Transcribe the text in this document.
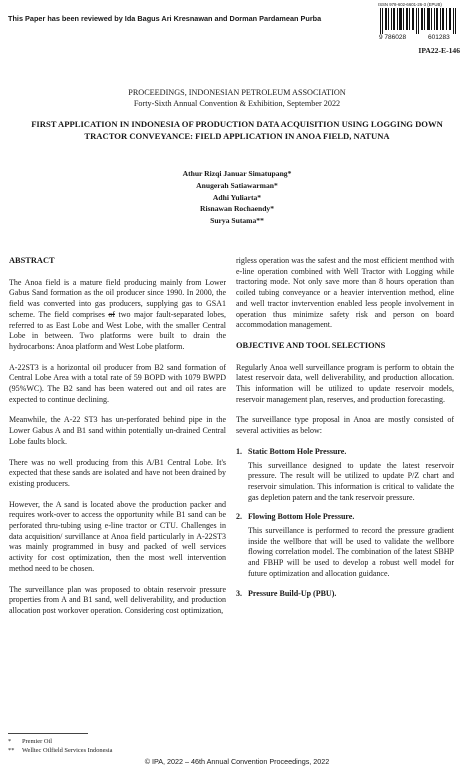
This Paper has been reviewed by Ida Bagus Ari Kresnawan and Dorman Pardamean Purba
ISSN 978-602-6601-26-3 (EPUB)
9 786028	601283
IPA22-E-146
PROCEEDINGS, INDONESIAN PETROLEUM ASSOCIATION
Forty-Sixth Annual Convention & Exhibition, September 2022
FIRST APPLICATION IN INDONESIA OF PRODUCTION DATA ACQUISITION USING LOGGING DOWN TRACTOR CONVEYANCE: FIELD APPLICATION IN ANOA FIELD, NATUNA
Athur Rizqi Januar Simatupang*
Anugerah Satiawarman*
Adhi Yuliarta*
Risnawan Rochaendy*
Surya Sutama**

ABSTRACT

The Anoa field is a mature field producing mainly from Lower Gabus Sand formation as the oil producer since 1990. In 2000, the field was converted into gas producers, supplying gas to GSA1 scheme. The field comprises of two major fault-separated lobes, referred to as East Lobe and West Lobe, with the smaller Central Lobe in between. Two platforms were built to drain the hydrocarbons: Anoa platform and West Lobe platform.

A-22ST3 is a horizontal oil producer from B2 sand formation of Central Lobe Area with a total rate of 59 BOPD with 1079 BWPD (95%WC). The B2 sand has been watered out and oil rates are expected to continue declining.

Meanwhile, the A-22 ST3 has un-perforated behind pipe in the Lower Gabus A and B1 sand within potentially un-drained Central Lobe faults block.

There was no well producing from this A/B1 Central Lobe. It's expected that these sands are isolated and have not been drained by existing producers.

However, the A sand is located above the production packer and requires work-over to access the opportunity while B1 sand can be perforated thru-tubing using e-line tractor or CTU. Challenges in data acquisition/ survillance at Anoa field particularly in A-22ST3 was mainly programmed in busy and packed of well services activity for cost optimization, then the most well intervention method need to be chosen.

The surveillance plan was proposed to obtain reservoir pressure properties from A and B1 sand, well deliverability, and production allocation post workover operation. Considering cost optimization,

rigless operation was the safest and the most efficient menthod with e-line operation combined with Well Tractor with Logging while tractoring mode. Not only save more than 8 hours operation than coiled tubing conveyance or a heavier intervention method, eline and well tractor invtervention enabled less people involvement in operation thus minimize safety risk and person on board accommodation management.

OBJECTIVE AND TOOL SELECTIONS

Regularly Anoa well surveillance program is perform to obtain the latest reservoir data, well deliverability, and production allocation. This information will be utilized to update reservoir models, reservoir management plan, reserves, and production forecasting.

The surveillance type proposal in Anoa are mostly consisted of several activities as below:

1. Static Bottom Hole Pressure.

This surveillance designed to update the latest reservoir pressure. The result will be utilized to update P/Z chart and reservoir simulation. This information is critical to validate the gas depletion patern and the tank reservoir pressure.

2. Flowing Bottom Hole Pressure.

This surveillance is performed to record the pressure gradient inside the wellbore that will be used to validate the wellbore flowing correlation model. The combination of the latest SBHP and FBHP will be used to develop a robust well model for future optimization and allocation guidance.

3. Pressure Build-Up (PBU).
*	Premier Oil
**	Welltec Oilfield Services Indonesia
© IPA, 2022 – 46th Annual Convention Proceedings, 2022
